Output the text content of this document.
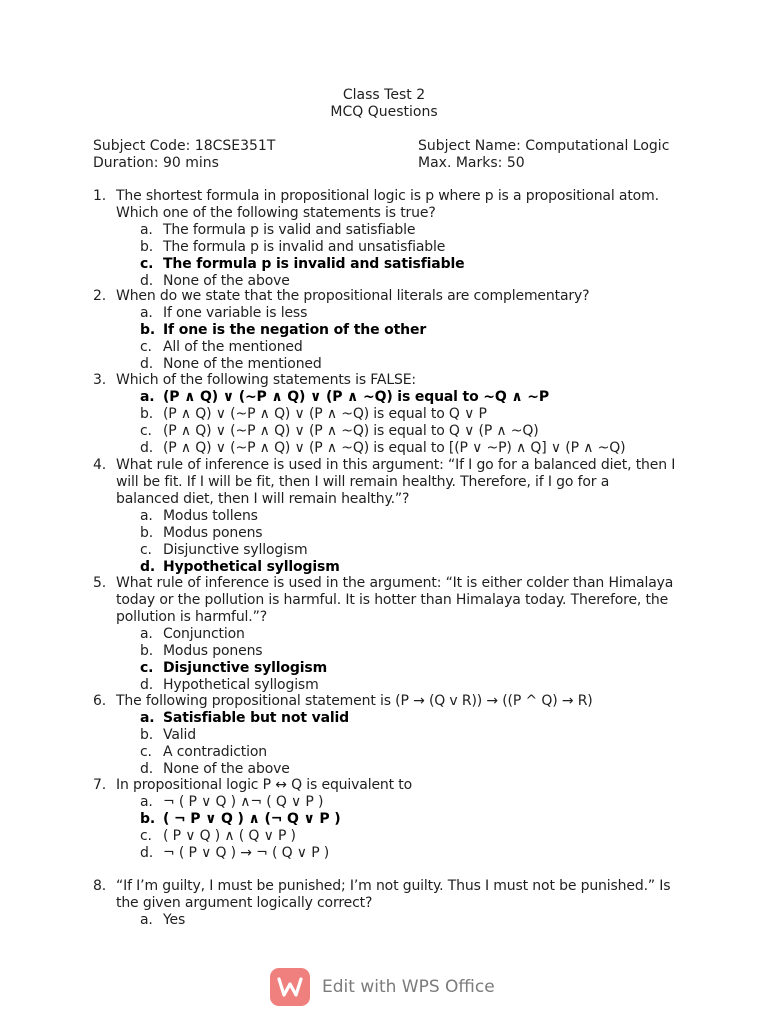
Class Test 2
MCQ Questions
Subject Code: 18CSE351T
Duration: 90 mins
Subject Name: Computational Logic
Max. Marks: 50
1. The shortest formula in propositional logic is p where p is a propositional atom. Which one of the following statements is true?
a. The formula p is valid and satisfiable
b. The formula p is invalid and unsatisfiable
c. The formula p is invalid and satisfiable
d. None of the above
2. When do we state that the propositional literals are complementary?
a. If one variable is less
b. If one is the negation of the other
c. All of the mentioned
d. None of the mentioned
3. Which of the following statements is FALSE:
a. (P ∧ Q) ∨ (~P ∧ Q) ∨ (P ∧ ~Q) is equal to ~Q ∧ ~P
b. (P ∧ Q) ∨ (~P ∧ Q) ∨ (P ∧ ~Q) is equal to Q ∨ P
c. (P ∧ Q) ∨ (~P ∧ Q) ∨ (P ∧ ~Q) is equal to Q ∨ (P ∧ ~Q)
d. (P ∧ Q) ∨ (~P ∧ Q) ∨ (P ∧ ~Q) is equal to [(P ∨ ~P) ∧ Q] ∨ (P ∧ ~Q)
4. What rule of inference is used in this argument: “If I go for a balanced diet, then I will be fit. If I will be fit, then I will remain healthy. Therefore, if I go for a balanced diet, then I will remain healthy.”?
a. Modus tollens
b. Modus ponens
c. Disjunctive syllogism
d. Hypothetical syllogism
5. What rule of inference is used in the argument: “It is either colder than Himalaya today or the pollution is harmful. It is hotter than Himalaya today. Therefore, the pollution is harmful.”?
a. Conjunction
b. Modus ponens
c. Disjunctive syllogism
d. Hypothetical syllogism
6. The following propositional statement is (P → (Q v R)) → ((P ^ Q) → R)
a. Satisfiable but not valid
b. Valid
c. A contradiction
d. None of the above
7. In propositional logic P ↔ Q is equivalent to
a. ¬ ( P ∨ Q ) ∧¬ ( Q ∨ P )
b. ( ¬ P ∨ Q ) ∧ (¬ Q ∨ P )
c. ( P ∨ Q ) ∧ ( Q ∨ P )
d. ¬ ( P ∨ Q ) → ¬ ( Q ∨ P )
8. “If I’m guilty, I must be punished; I’m not guilty. Thus I must not be punished.” Is the given argument logically correct?
a. Yes
Edit with WPS Office
